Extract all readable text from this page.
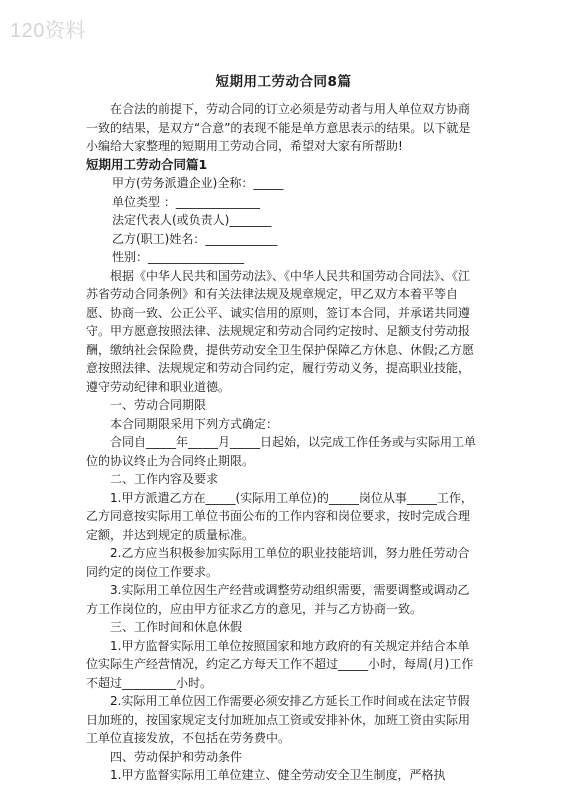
120资料
短期用工劳动合同8篇

在合法的前提下，劳动合同的订立必须是劳动者与用人单位双方协商一致的结果，是双方“合意”的表现不能是单方意思表示的结果。以下就是小编给大家整理的短期用工劳动合同，希望对大家有所帮助!

短期用工劳动合同篇1
甲方(劳务派遣企业)全称：_____
单位类型 ：______________
法定代表人(或负责人)_______
乙方(职工)姓名：____________
性别：________________

根据《中华人民共和国劳动法》、《中华人民共和国劳动合同法》、《江苏省劳动合同条例》和有关法律法规及规章规定，甲乙双方本着平等自愿、协商一致、公正公平、诚实信用的原则，签订本合同，并承诺共同遵守。甲方愿意按照法律、法规规定和劳动合同约定按时、足额支付劳动报酬，缴纳社会保险费，提供劳动安全卫生保护保障乙方休息、休假;乙方愿意按照法律、法规规定和劳动合同约定，履行劳动义务，提高职业技能，遵守劳动纪律和职业道德。

一、劳动合同期限

本合同期限采用下列方式确定：

合同自_____年_____月_____日起始，以完成工作任务或与实际用工单位的协议终止为合同终止期限。

二、工作内容及要求

1.甲方派遣乙方在_____(实际用工单位)的_____岗位从事_____工作，乙方同意按实际用工单位书面公布的工作内容和岗位要求，按时完成合理定额，并达到规定的质量标准。

2.乙方应当积极参加实际用工单位的职业技能培训，努力胜任劳动合同约定的岗位工作要求。

3.实际用工单位因生产经营或调整劳动组织需要，需要调整或调动乙方工作岗位的，应由甲方征求乙方的意见，并与乙方协商一致。

三、工作时间和休息休假

1.甲方监督实际用工单位按照国家和地方政府的有关规定并结合本单位实际生产经营情况，约定乙方每天工作不超过_____小时，每周(月)工作不超过_________小时。

2.实际用工单位因工作需要必须安排乙方延长工作时间或在法定节假日加班的，按国家规定支付加班加点工资或安排补休，加班工资由实际用工单位直接发放，不包括在劳务费中。

四、劳动保护和劳动条件

1.甲方监督实际用工单位建立、健全劳动安全卫生制度，严格执
